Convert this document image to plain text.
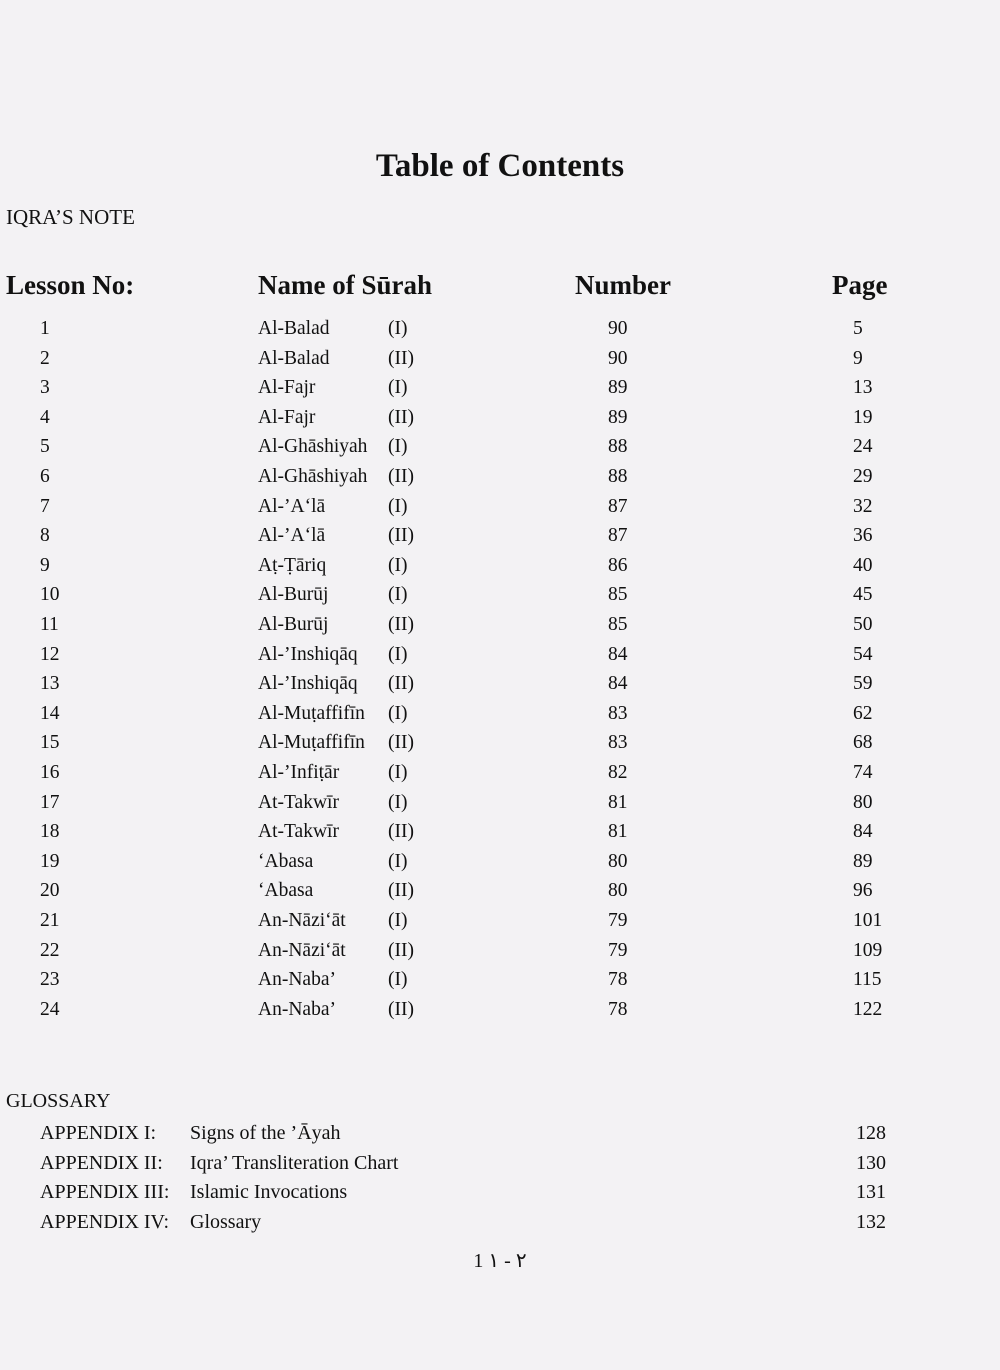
Table of Contents
IQRA’S NOTE
Lesson No:	Name of Sūrah	Number	Page
1	Al-Balad	(I)	90	5
2	Al-Balad	(II)	90	9
3	Al-Fajr	(I)	89	13
4	Al-Fajr	(II)	89	19
5	Al-Ghāshiyah (I)	88	24
6	Al-Ghāshiyah (II)	88	29
7	Al-’A‘lā	(I)	87	32
8	Al-’A‘lā	(II)	87	36
9	Aṭ-Ṭāriq	(I)	86	40
10	Al-Burūj	(I)	85	45
11	Al-Burūj	(II)	85	50
12	Al-’Inshiqāq (I)	84	54
13	Al-’Inshiqāq (II)	84	59
14	Al-Muṭaffifīn (I)	83	62
15	Al-Muṭaffifīn (II)	83	68
16	Al-’Infiṭār	(I)	82	74
17	At-Takwīr	(I)	81	80
18	At-Takwīr	(II)	81	84
19	‘Abasa	(I)	80	89
20	‘Abasa	(II)	80	96
21	An-Nāzi‘āt (I)	79	101
22	An-Nāzi‘āt (II)	79	109
23	An-Naba’	(I)	78	115
24	An-Naba’	(II)	78	122
GLOSSARY
APPENDIX I: Signs of the ’Āyah	128
APPENDIX II: Iqra’ Transliteration Chart	130
APPENDIX III: Islamic Invocations	131
APPENDIX IV: Glossary	132
1 ٢ - ١
